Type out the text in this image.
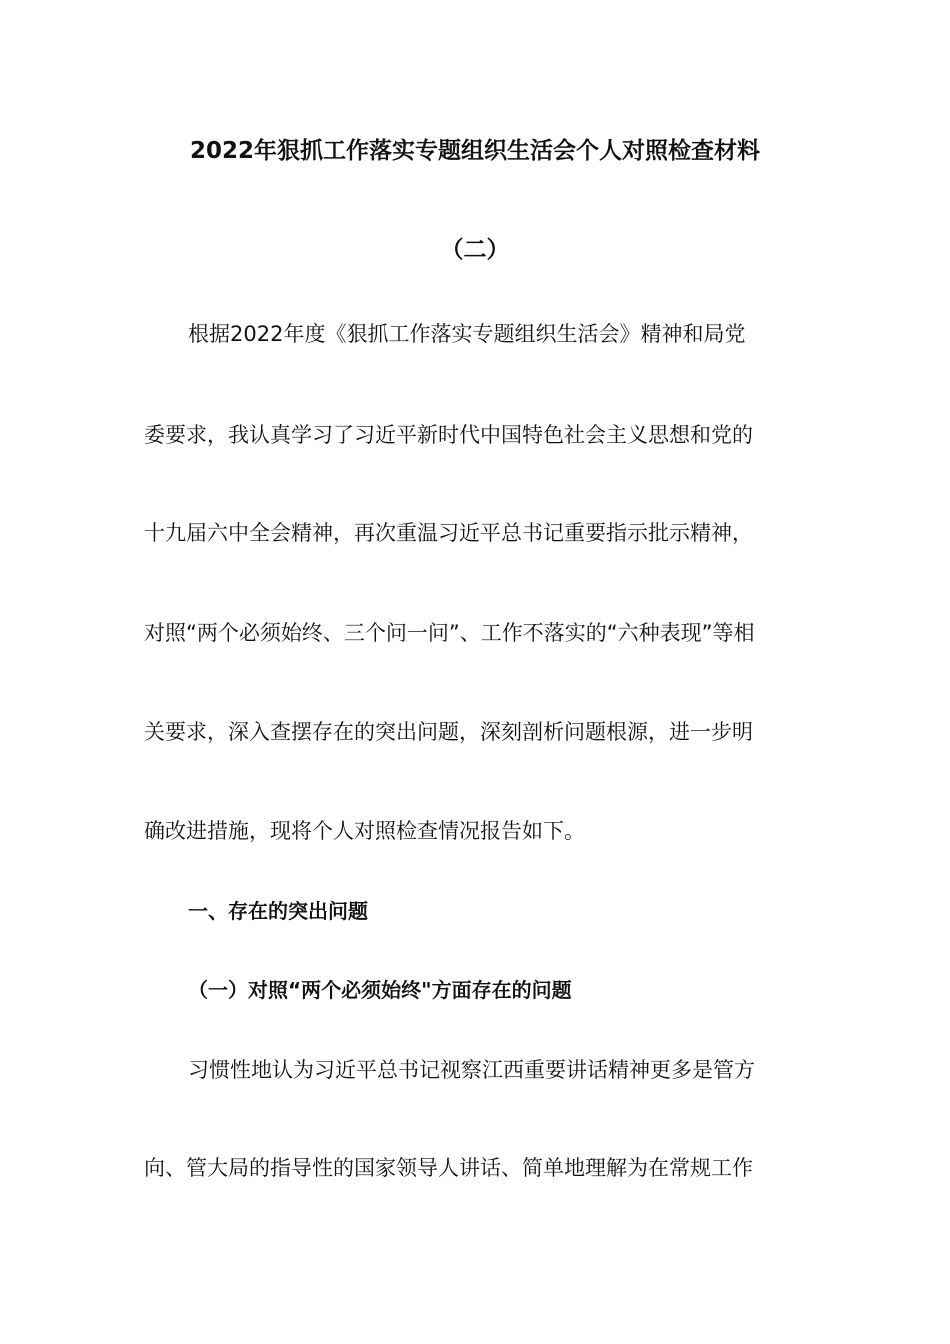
2022年狠抓工作落实专题组织生活会个人对照检查材料
（二）
根据2022年度《狠抓工作落实专题组织生活会》精神和局党
委要求，我认真学习了习近平新时代中国特色社会主义思想和党的
十九届六中全会精神，再次重温习近平总书记重要指示批示精神，
对照“两个必须始终、三个问一问”、工作不落实的“六种表现”等相
关要求，深入查摆存在的突出问题，深刻剖析问题根源，进一步明
确改进措施，现将个人对照检查情况报告如下。
一、存在的突出问题
（一）对照“两个必须始终"方面存在的问题
习惯性地认为习近平总书记视察江西重要讲话精神更多是管方
向、管大局的指导性的国家领导人讲话、简单地理解为在常规工作
